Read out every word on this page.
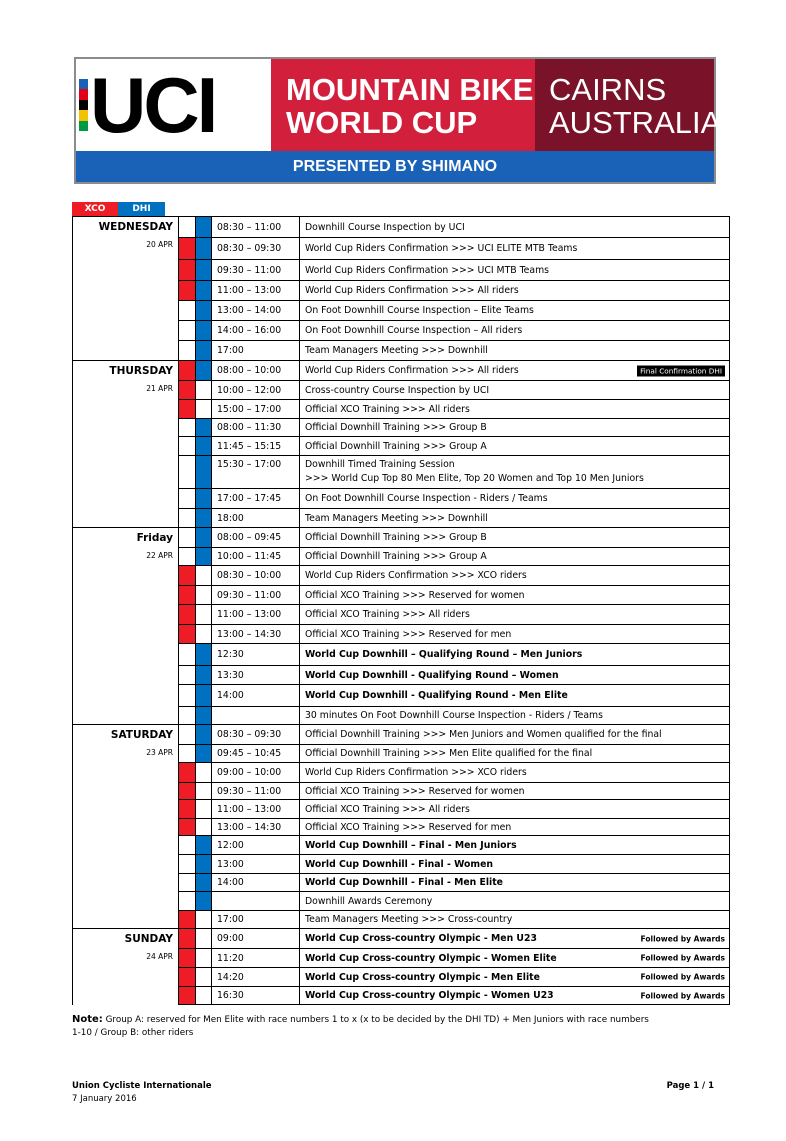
UCI MOUNTAIN BIKE
WORLD CUP
CAIRNS
AUSTRALIA
PRESENTED BY SHIMANO
XCO	DHI
WEDNESDAY
20 APR			08:30 – 11:00	Downhill Course Inspection by UCI

			08:30 – 09:30	World Cup Riders Confirmation >>> UCI ELITE MTB Teams

			09:30 – 11:00	World Cup Riders Confirmation >>> UCI MTB Teams

			11:00 – 13:00	World Cup Riders Confirmation >>> All riders

			13:00 – 14:00	On Foot Downhill Course Inspection – Elite Teams

			14:00 – 16:00	On Foot Downhill Course Inspection – All riders

			17:00	Team Managers Meeting >>> Downhill

THURSDAY
21 APR			08:00 – 10:00	World Cup Riders Confirmation >>> All riders Final Confirmation DHI

			10:00 – 12:00	Cross-country Course Inspection by UCI

			15:00 – 17:00	Official XCO Training >>> All riders

			08:00 – 11:30	Official Downhill Training >>> Group B

			11:45 – 15:15	Official Downhill Training >>> Group A

			15:30 – 17:00	Downhill Timed Training Session
>>> World Cup Top 80 Men Elite, Top 20 Women and Top 10 Men Juniors

			17:00 – 17:45	On Foot Downhill Course Inspection - Riders / Teams

			18:00	Team Managers Meeting >>> Downhill

Friday
22 APR			08:00 – 09:45	Official Downhill Training >>> Group B

			10:00 – 11:45	Official Downhill Training >>> Group A

			08:30 – 10:00	World Cup Riders Confirmation >>> XCO riders

			09:30 – 11:00	Official XCO Training >>> Reserved for women

			11:00 – 13:00	Official XCO Training >>> All riders

			13:00 – 14:30	Official XCO Training >>> Reserved for men

			12:30	World Cup Downhill – Qualifying Round – Men Juniors

			13:30	World Cup Downhill - Qualifying Round – Women

			14:00	World Cup Downhill - Qualifying Round - Men Elite

				30 minutes On Foot Downhill Course Inspection - Riders / Teams

SATURDAY
23 APR			08:30 – 09:30	Official Downhill Training >>> Men Juniors and Women qualified for the final

			09:45 – 10:45	Official Downhill Training >>> Men Elite qualified for the final

			09:00 – 10:00	World Cup Riders Confirmation >>> XCO riders

			09:30 – 11:00	Official XCO Training >>> Reserved for women

			11:00 – 13:00	Official XCO Training >>> All riders

			13:00 – 14:30	Official XCO Training >>> Reserved for men

			12:00	World Cup Downhill – Final - Men Juniors

			13:00	World Cup Downhill - Final - Women

			14:00	World Cup Downhill - Final - Men Elite

				Downhill Awards Ceremony

			17:00	Team Managers Meeting >>> Cross-country

SUNDAY
24 APR			09:00	World Cup Cross-country Olympic - Men U23 Followed by Awards

			11:20	World Cup Cross-country Olympic - Women Elite Followed by Awards

			14:20	World Cup Cross-country Olympic - Men Elite Followed by Awards

			16:30	World Cup Cross-country Olympic - Women U23 Followed by Awards
Note: Group A: reserved for Men Elite with race numbers 1 to x (x to be decided by the DHI TD) + Men Juniors with race numbers 1-10 / Group B: other riders
Union Cycliste Internationale
7 January 2016
Page 1 / 1
